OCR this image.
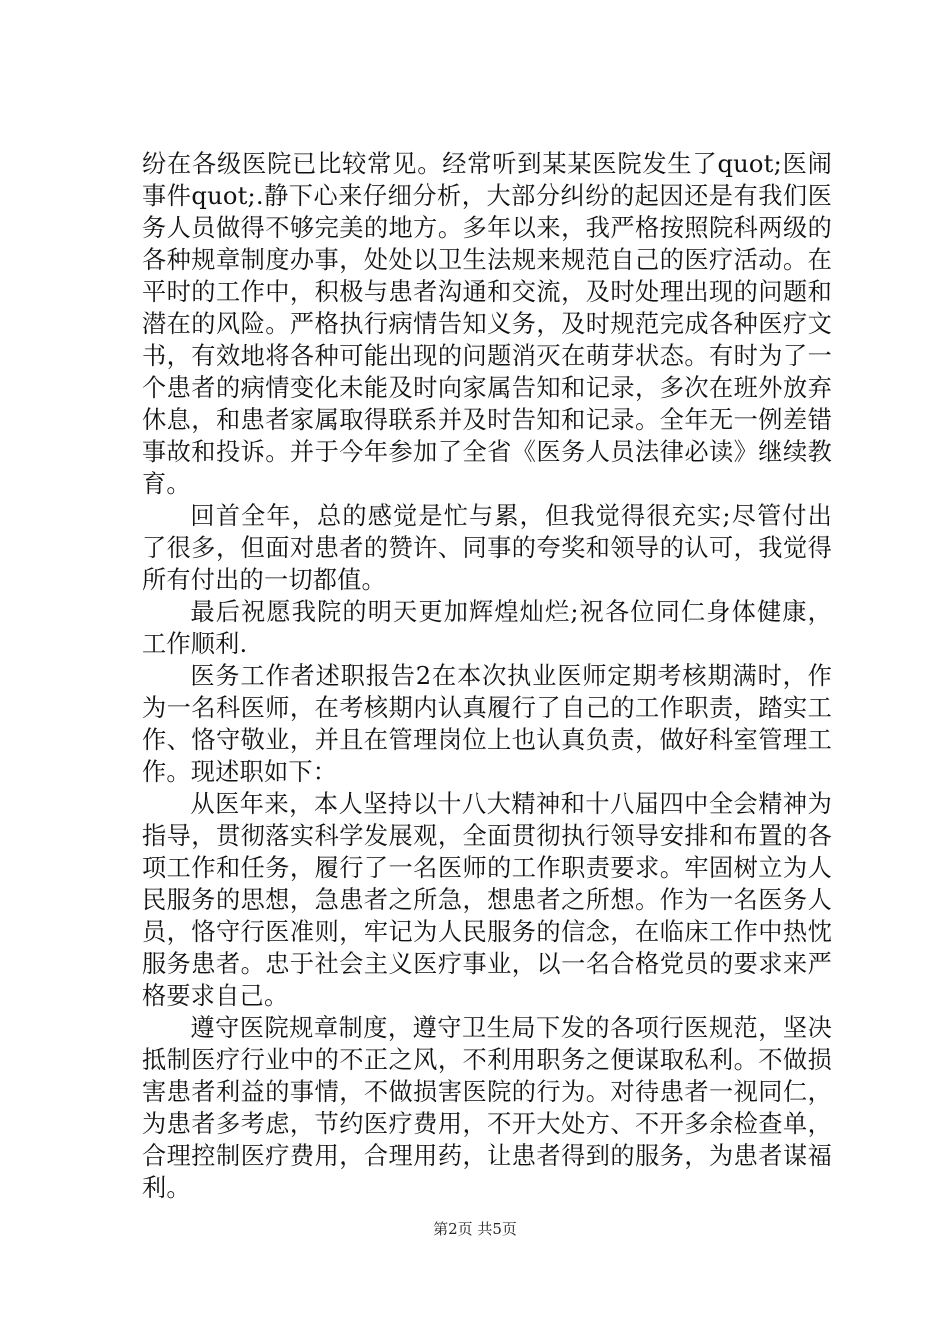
纷在各级医院已比较常见。经常听到某某医院发生了quot;医闹事件quot;.静下心来仔细分析，大部分纠纷的起因还是有我们医务人员做得不够完美的地方。多年以来，我严格按照院科两级的各种规章制度办事，处处以卫生法规来规范自己的医疗活动。在平时的工作中，积极与患者沟通和交流，及时处理出现的问题和潜在的风险。严格执行病情告知义务，及时规范完成各种医疗文书，有效地将各种可能出现的问题消灭在萌芽状态。有时为了一个患者的病情变化未能及时向家属告知和记录，多次在班外放弃休息，和患者家属取得联系并及时告知和记录。全年无一例差错事故和投诉。并于今年参加了全省《医务人员法律必读》继续教育。

回首全年，总的感觉是忙与累，但我觉得很充实;尽管付出了很多，但面对患者的赞许、同事的夸奖和领导的认可，我觉得所有付出的一切都值。

最后祝愿我院的明天更加辉煌灿烂;祝各位同仁身体健康，工作顺利.

医务工作者述职报告2在本次执业医师定期考核期满时，作为一名科医师，在考核期内认真履行了自己的工作职责，踏实工作、恪守敬业，并且在管理岗位上也认真负责，做好科室管理工作。现述职如下：

从医年来，本人坚持以十八大精神和十八届四中全会精神为指导，贯彻落实科学发展观，全面贯彻执行领导安排和布置的各项工作和任务，履行了一名医师的工作职责要求。牢固树立为人民服务的思想，急患者之所急，想患者之所想。作为一名医务人员，恪守行医准则，牢记为人民服务的信念，在临床工作中热忱服务患者。忠于社会主义医疗事业，以一名合格党员的要求来严格要求自己。

遵守医院规章制度，遵守卫生局下发的各项行医规范，坚决抵制医疗行业中的不正之风，不利用职务之便谋取私利。不做损害患者利益的事情，不做损害医院的行为。对待患者一视同仁，为患者多考虑，节约医疗费用，不开大处方、不开多余检查单，合理控制医疗费用，合理用药，让患者得到的服务，为患者谋福利。

第2页 共5页
